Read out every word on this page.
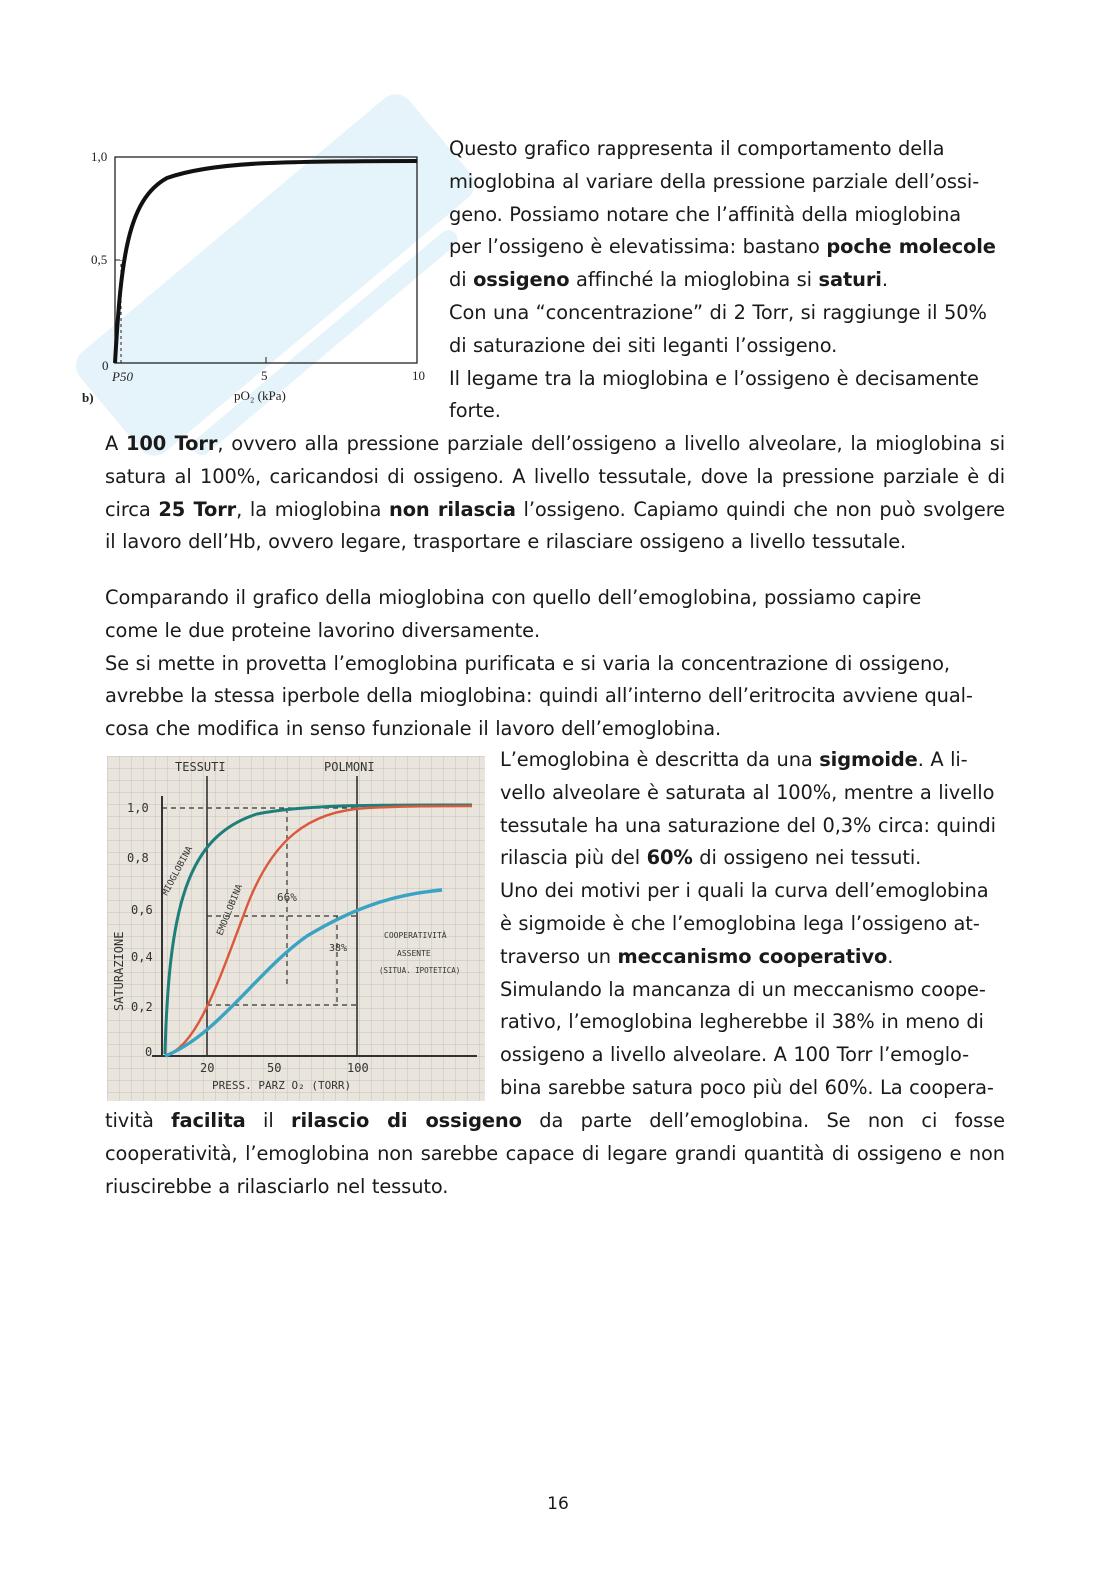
1,0
0,5
0
P50	5	10
pO₂ (kPa)
b)
Questo grafico rappresenta il comportamento della
mioglobina al variare della pressione parziale dell’ossi-
geno. Possiamo notare che l’affinità della mioglobina
per l’ossigeno è elevatissima: bastano poche molecole
di ossigeno affinché la mioglobina si saturi.
Con una “concentrazione” di 2 Torr, si raggiunge il 50%
di saturazione dei siti leganti l’ossigeno.
Il legame tra la mioglobina e l’ossigeno è decisamente
forte.
A 100 Torr, ovvero alla pressione parziale dell’ossigeno a livello alveolare, la mioglobina si satura al 100%, caricandosi di ossigeno. A livello tessutale, dove la pressione parziale è di circa 25 Torr, la mioglobina non rilascia l’ossigeno. Capiamo quindi che non può svolgere il lavoro dell’Hb, ovvero legare, trasportare e rilasciare ossigeno a livello tessutale.
Comparando il grafico della mioglobina con quello dell’emoglobina, possiamo capire
come le due proteine lavorino diversamente.
Se si mette in provetta l’emoglobina purificata e si varia la concentrazione di ossigeno,
avrebbe la stessa iperbole della mioglobina: quindi all’interno dell’eritrocita avviene qual-
cosa che modifica in senso funzionale il lavoro dell’emoglobina.
TESSUTI	POLMONI
SATURAZIONE
1,0
0,8
0,6
0,4
0,2
0
20	50	100
PRESS. PARZ O₂ (TORR)
MIOGLOBINA
EMOGLOBINA	66%
38%
COOPERATIVITÀ
ASSENTE
(SITUA. IPOTETICA)
L’emoglobina è descritta da una sigmoide. A li-
vello alveolare è saturata al 100%, mentre a livello
tessutale ha una saturazione del 0,3% circa: quindi
rilascia più del 60% di ossigeno nei tessuti.
Uno dei motivi per i quali la curva dell’emoglobina
è sigmoide è che l’emoglobina lega l’ossigeno at-
traverso un meccanismo cooperativo.
Simulando la mancanza di un meccanismo coope-
rativo, l’emoglobina legherebbe il 38% in meno di
ossigeno a livello alveolare. A 100 Torr l’emoglo-
bina sarebbe satura poco più del 60%. La coopera-
tività facilita il rilascio di ossigeno da parte dell’emoglobina. Se non ci fosse cooperatività, l’emoglobina non sarebbe capace di legare grandi quantità di ossigeno e non riuscirebbe a rilasciarlo nel tessuto.
16
